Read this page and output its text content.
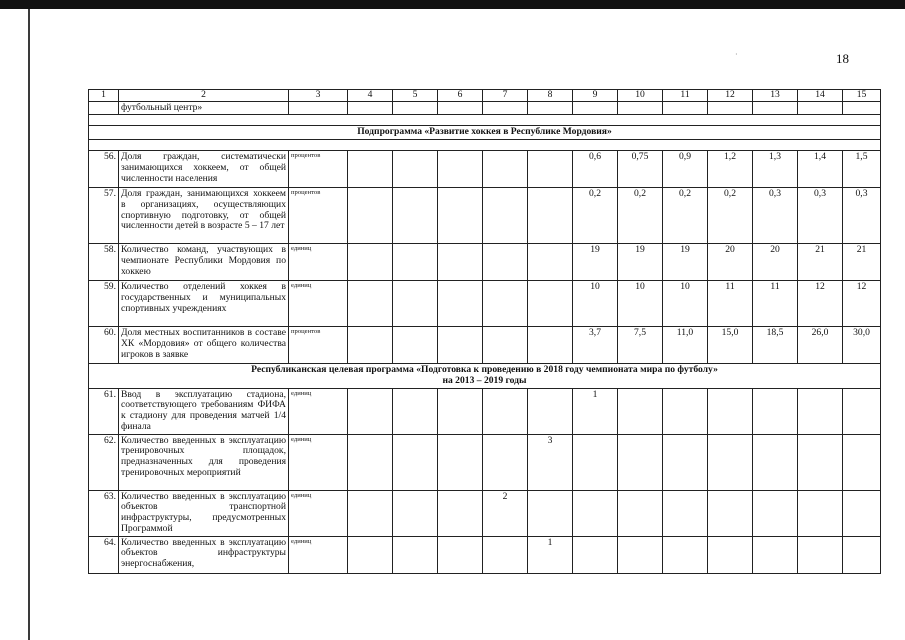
·	18
1	2	3	4	5	6	7	8	9	10	11	12	13	14	15
	футбольный центр»													

Подпрограмма «Развитие хоккея в Республике Мордовия»														

56.	Доля граждан, систематически занимающихся хоккеем, от общей численности населения	процентов						0,6	0,75	0,9	1,2	1,3	1,4	1,5
57.	Доля граждан, занимающихся хоккеем в организациях, осуществляющих спортивную подготовку, от общей численности детей в возрасте 5 – 17 лет	процентов						0,2	0,2	0,2	0,2	0,3	0,3	0,3
58.	Количество команд, участвующих в чемпионате Республики Мордовия по хоккею	единиц						19	19	19	20	20	21	21
59.	Количество отделений хоккея в государственных и муниципальных спортивных учреждениях	единиц						10	10	10	11	11	12	12
60.	Доля местных воспитанников в составе ХК «Мордовия» от общего количества игроков в заявке	процентов						3,7	7,5	11,0	15,0	18,5	26,0	30,0

Республиканская целевая программа «Подготовка к проведению в 2018 году чемпионата мира по футболу»
на 2013 – 2019 годы														

61.	Ввод в эксплуатацию стадиона, соответствующего требованиям ФИФА к стадиону для проведения матчей 1/4 финала	единиц						1						
62.	Количество введенных в эксплуатацию тренировочных площадок, предназначенных для проведения тренировочных мероприятий	единиц					3							
63.	Количество введенных в эксплуатацию объектов транспортной инфраструктуры, предусмотренных Программой	единиц				2								
64.	Количество введенных в эксплуатацию объектов инфраструктуры энергоснабжения,	единиц					1							
